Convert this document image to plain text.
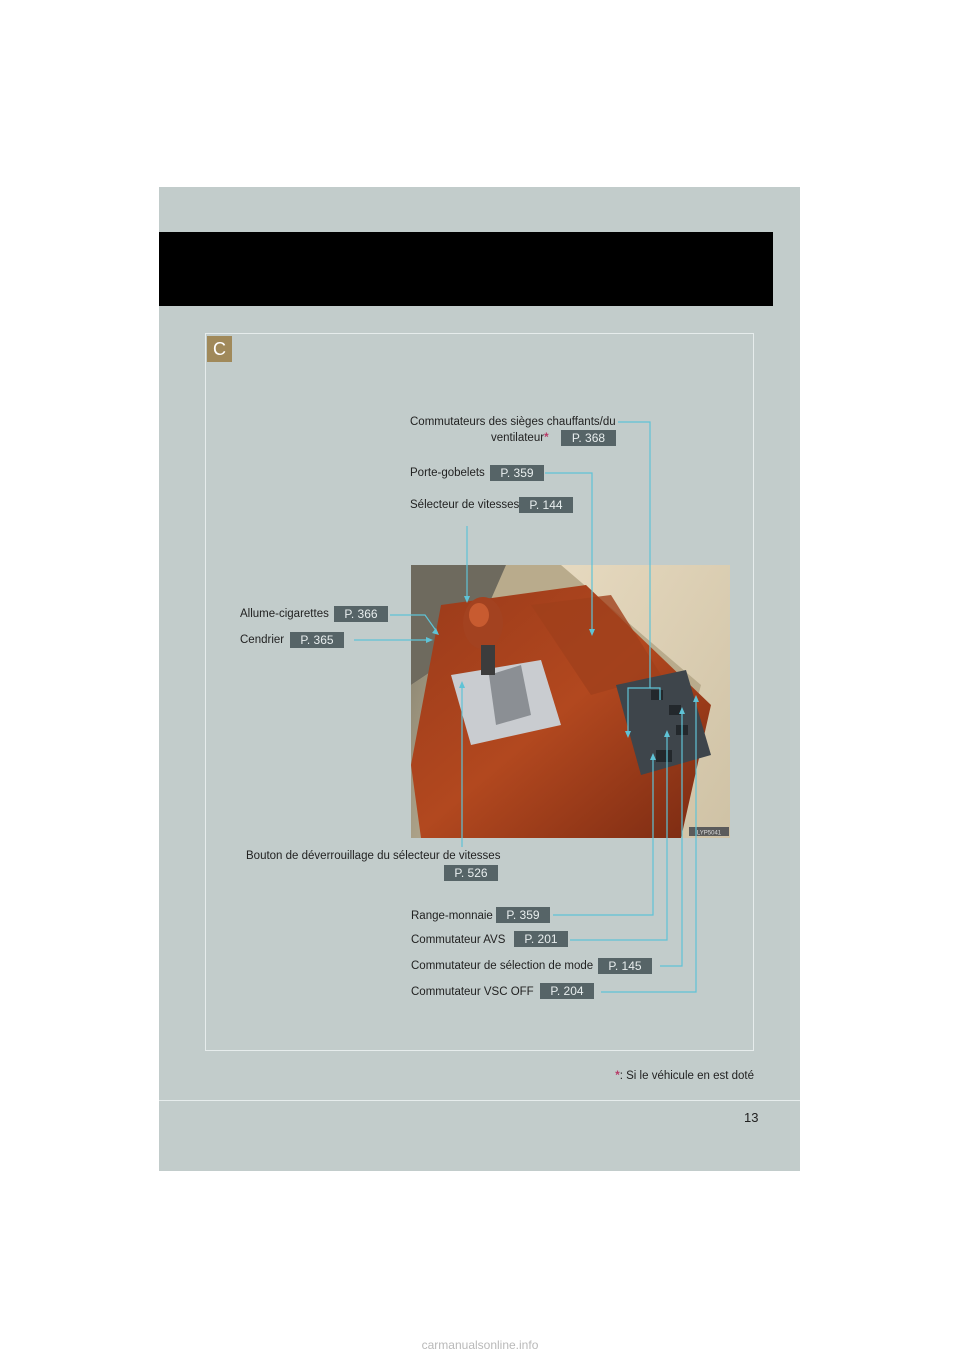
C
LYP5041
Commutateurs des sièges chauffants/du
ventilateur*	P. 368
Porte-gobelets	P. 359
Sélecteur de vitesses P. 144
Allume-cigarettes	P. 366
Cendrier	P. 365
Bouton de déverrouillage du sélecteur de vitesses
P. 526
Range-monnaie	P. 359
Commutateur AVS	P. 201
Commutateur de sélection de mode	P. 145
Commutateur VSC OFF	P. 204
*: Si le véhicule en est doté
13
carmanualsonline.info
